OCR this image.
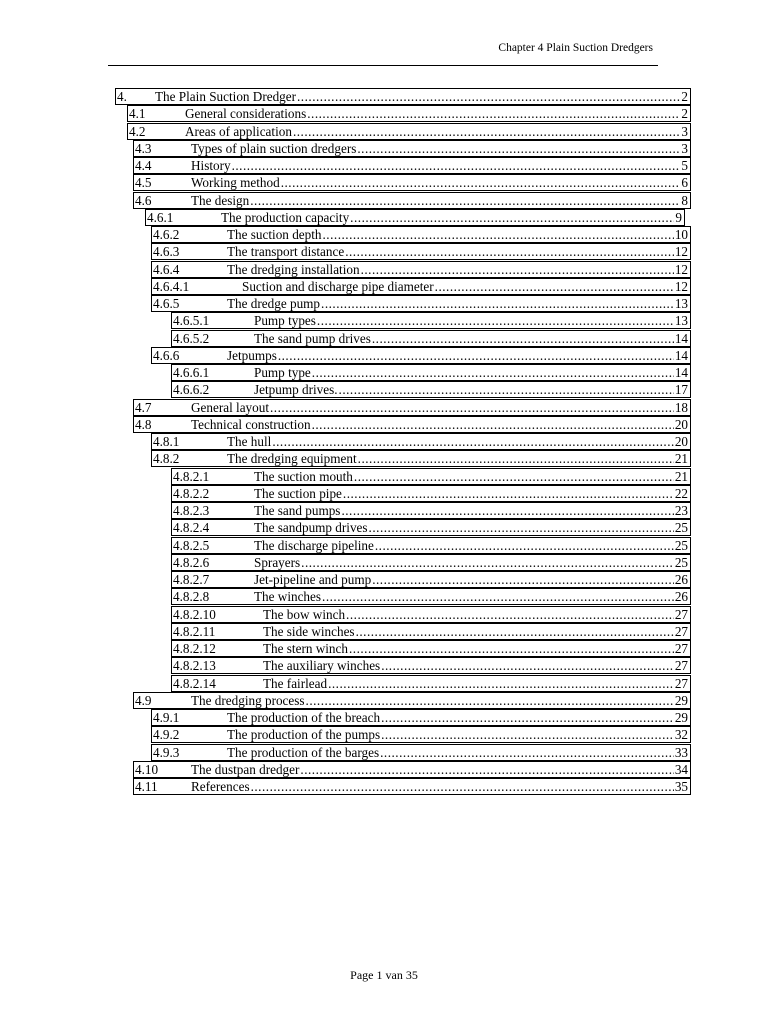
Chapter 4 Plain Suction Dredgers
4.	The Plain Suction Dredger .....	2
4.1	General considerations .....	2
4.2	Areas of application .....	3
4.3	Types of plain suction dredgers .....	3
4.4	History .....	5
4.5	Working method .....	6
4.6	The design .....	8
4.6.1	The production capacity .....	9
4.6.2	The suction depth .....	10
4.6.3	The transport distance .....	12
4.6.4	The dredging installation .....	12
4.6.4.1	Suction and discharge pipe diameter .....	12
4.6.5	The dredge pump .....	13
4.6.5.1	Pump types .....	13
4.6.5.2	The sand pump drives .....	14
4.6.6	Jetpumps .....	14
4.6.6.1	Pump type .....	14
4.6.6.2	Jetpump drives. .....	17
4.7	General layout .....	18
4.8	Technical construction .....	20
4.8.1	The hull .....	20
4.8.2	The dredging equipment .....	21
4.8.2.1	The suction mouth .....	21
4.8.2.2	The suction pipe .....	22
4.8.2.3	The sand pumps .....	23
4.8.2.4	The sandpump drives .....	25
4.8.2.5	The discharge pipeline .....	25
4.8.2.6	Sprayers .....	25
4.8.2.7	Jet-pipeline and pump .....	26
4.8.2.8	The winches .....	26
4.8.2.10	The bow winch .....	27
4.8.2.11	The side winches .....	27
4.8.2.12	The stern winch .....	27
4.8.2.13	The auxiliary winches .....	27
4.8.2.14	The fairlead .....	27
4.9	The dredging process .....	29
4.9.1	The production of the breach .....	29
4.9.2	The production of the pumps .....	32
4.9.3	The production of the barges .....	33
4.10	The dustpan dredger .....	34
4.11	References .....	35
Page 1 van 35
